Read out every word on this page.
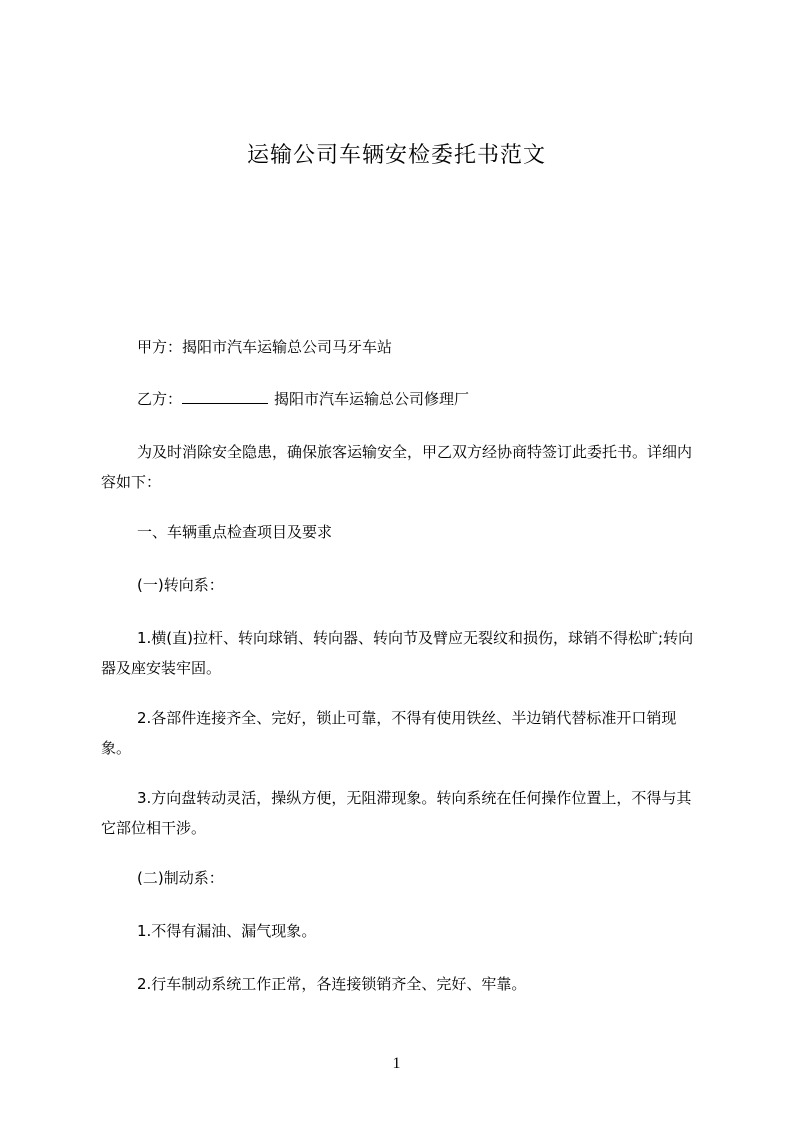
运输公司车辆安检委托书范文

甲方：揭阳市汽车运输总公司马牙车站

乙方：	揭阳市汽车运输总公司修理厂

为及时消除安全隐患，确保旅客运输安全，甲乙双方经协商特签订此委托书。详细内容如下：

一、车辆重点检查项目及要求

(一)转向系：

1.横(直)拉杆、转向球销、转向器、转向节及臂应无裂纹和损伤，球销不得松旷;转向器及座安装牢固。

2.各部件连接齐全、完好，锁止可靠，不得有使用铁丝、半边销代替标准开口销现象。

3.方向盘转动灵活，操纵方便，无阻滞现象。转向系统在任何操作位置上，不得与其它部位相干涉。

(二)制动系：

1.不得有漏油、漏气现象。

2.行车制动系统工作正常，各连接锁销齐全、完好、牢靠。

1
